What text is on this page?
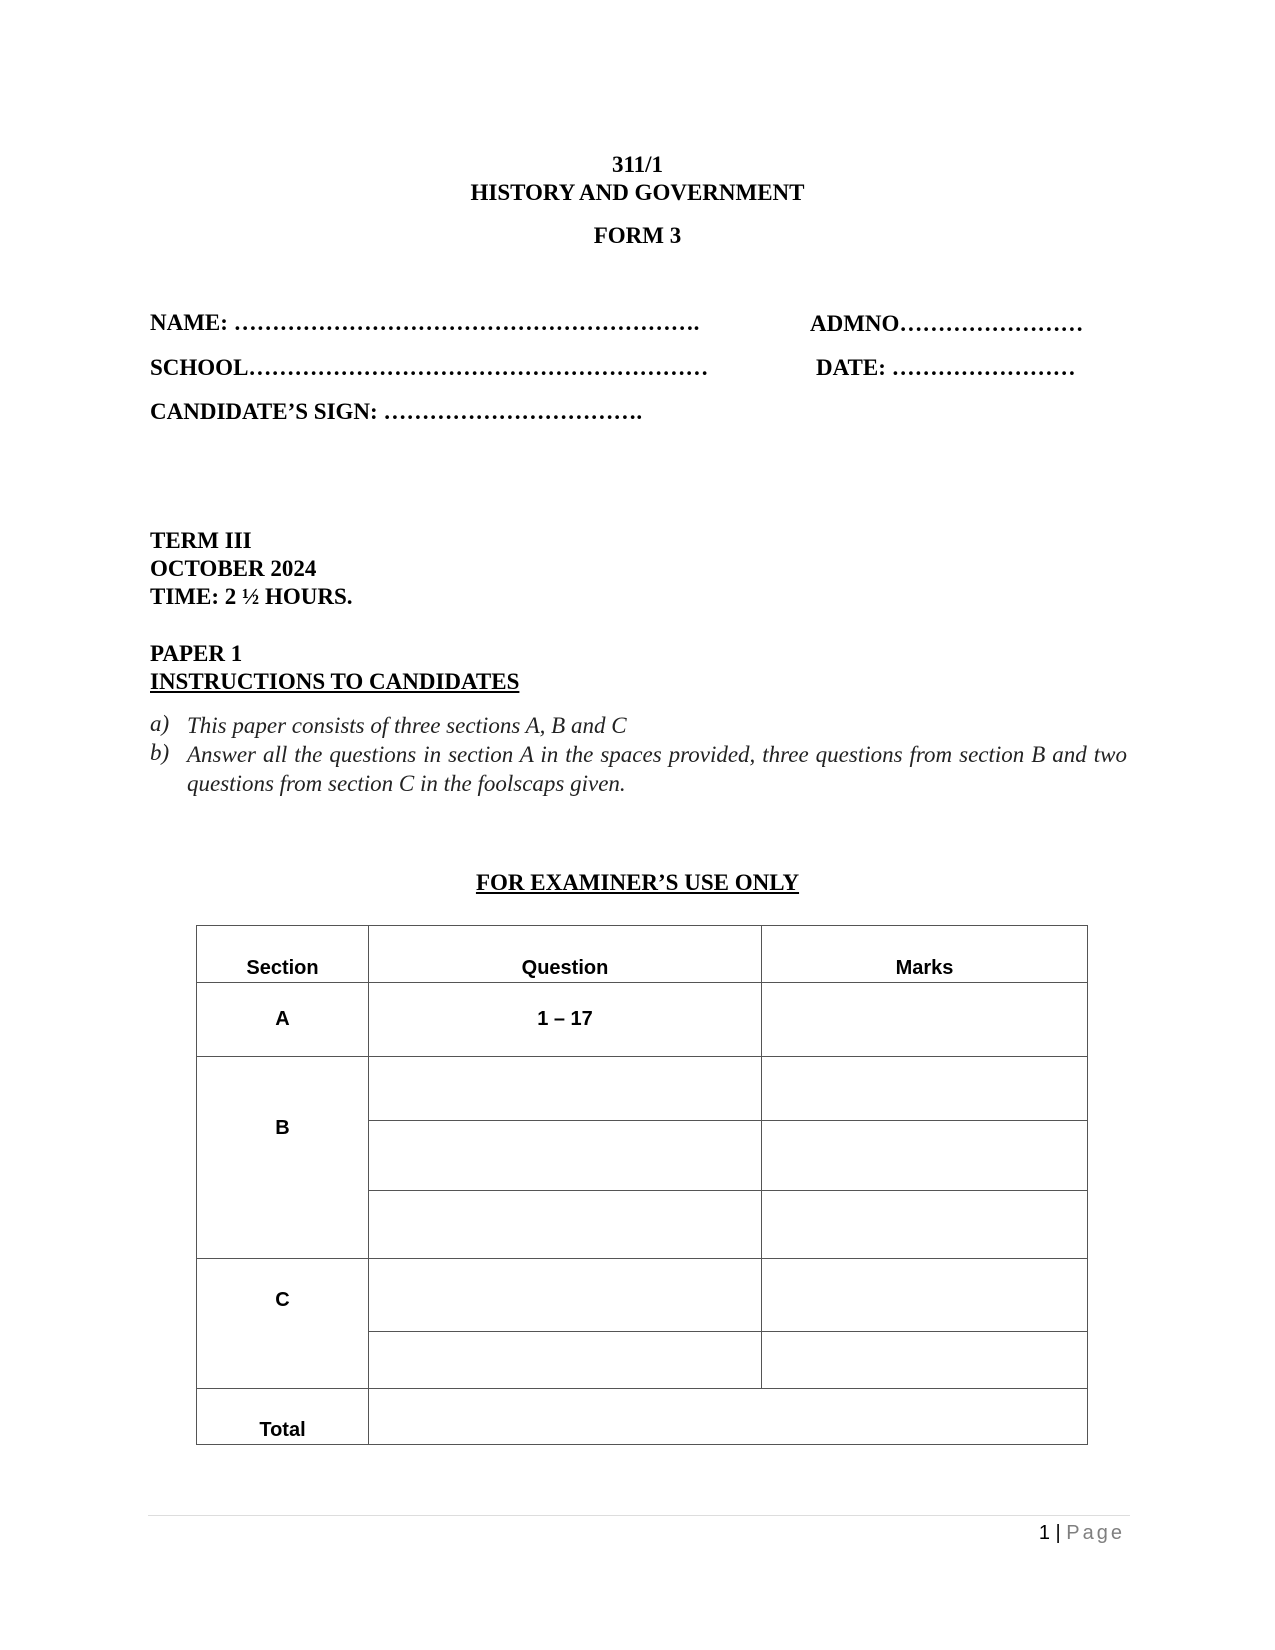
311/1
HISTORY AND GOVERNMENT
FORM 3
NAME: …………………………………………………….	ADMNO……………………
SCHOOL……………………………………………………	DATE: ……………………
CANDIDATE’S SIGN: …………………………….
TERM III
OCTOBER 2024
TIME: 2 ½ HOURS.
PAPER 1
INSTRUCTIONS TO CANDIDATES
a) This paper consists of three sections A, B and C
b) Answer all the questions in section A in the spaces provided, three questions from section B and two questions from section C in the foolscaps given.
FOR EXAMINER’S USE ONLY
Section	Question	Marks
A	1 – 17	
B		

C		

Total		
1 | Page
